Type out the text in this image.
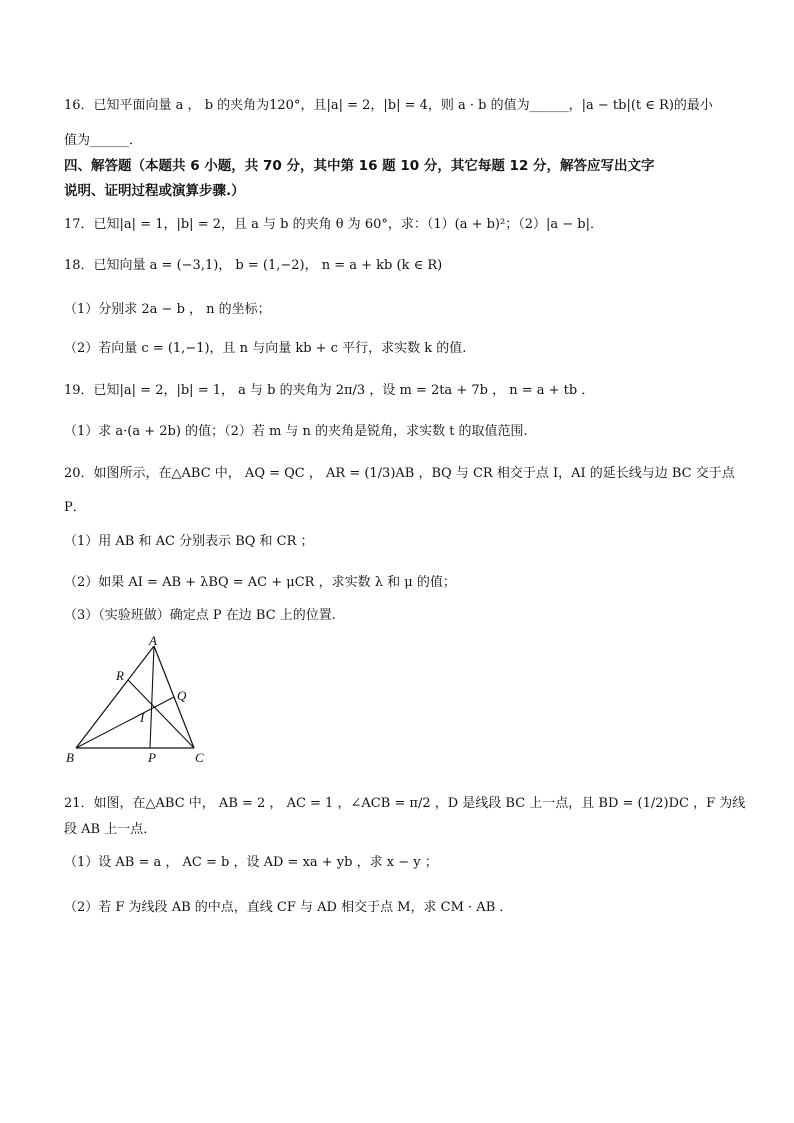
16．已知平面向量 a ， b 的夹角为120°，且|a| = 2，|b| = 4，则 a · b 的值为______，|a − tb|(t ∈ R)的最小
值为______．
四、解答题（本题共 6 小题，共 70 分，其中第 16 题 10 分，其它每题 12 分，解答应写出文字
说明、证明过程或演算步骤.）
17．已知|a| = 1，|b| = 2，且 a 与 b 的夹角 θ 为 60°，求：（1）(a + b)²；（2）|a − b|．
18．已知向量 a = (−3,1)， b = (1,−2)， n = a + kb (k ∈ R)
（1）分别求 2a − b ， n 的坐标；
（2）若向量 c = (1,−1)，且 n 与向量 kb + c 平行，求实数 k 的值.
19．已知|a| = 2，|b| = 1， a 与 b 的夹角为 2π/3 ，设 m = 2ta + 7b ， n = a + tb ．
（1）求 a·(a + 2b) 的值；（2）若 m 与 n 的夹角是锐角，求实数 t 的取值范围.
20．如图所示，在△ABC 中， AQ = QC ， AR = (1/3)AB ，BQ 与 CR 相交于点 I，AI 的延长线与边 BC 交于点
P．
（1）用 AB 和 AC 分别表示 BQ 和 CR ；
（2）如果 AI = AB + λBQ = AC + μCR ，求实数 λ 和 μ 的值；
（3）（实验班做）确定点 P 在边 BC 上的位置.
A
B	C
P
Q
R
I
21．如图，在△ABC 中， AB = 2 ， AC = 1 ，∠ACB = π/2 ，D 是线段 BC 上一点，且 BD = (1/2)DC ，F 为线
段 AB 上一点．
（1）设 AB = a ， AC = b ，设 AD = xa + yb ，求 x − y ；
（2）若 F 为线段 AB 的中点，直线 CF 与 AD 相交于点 M，求 CM · AB ．
